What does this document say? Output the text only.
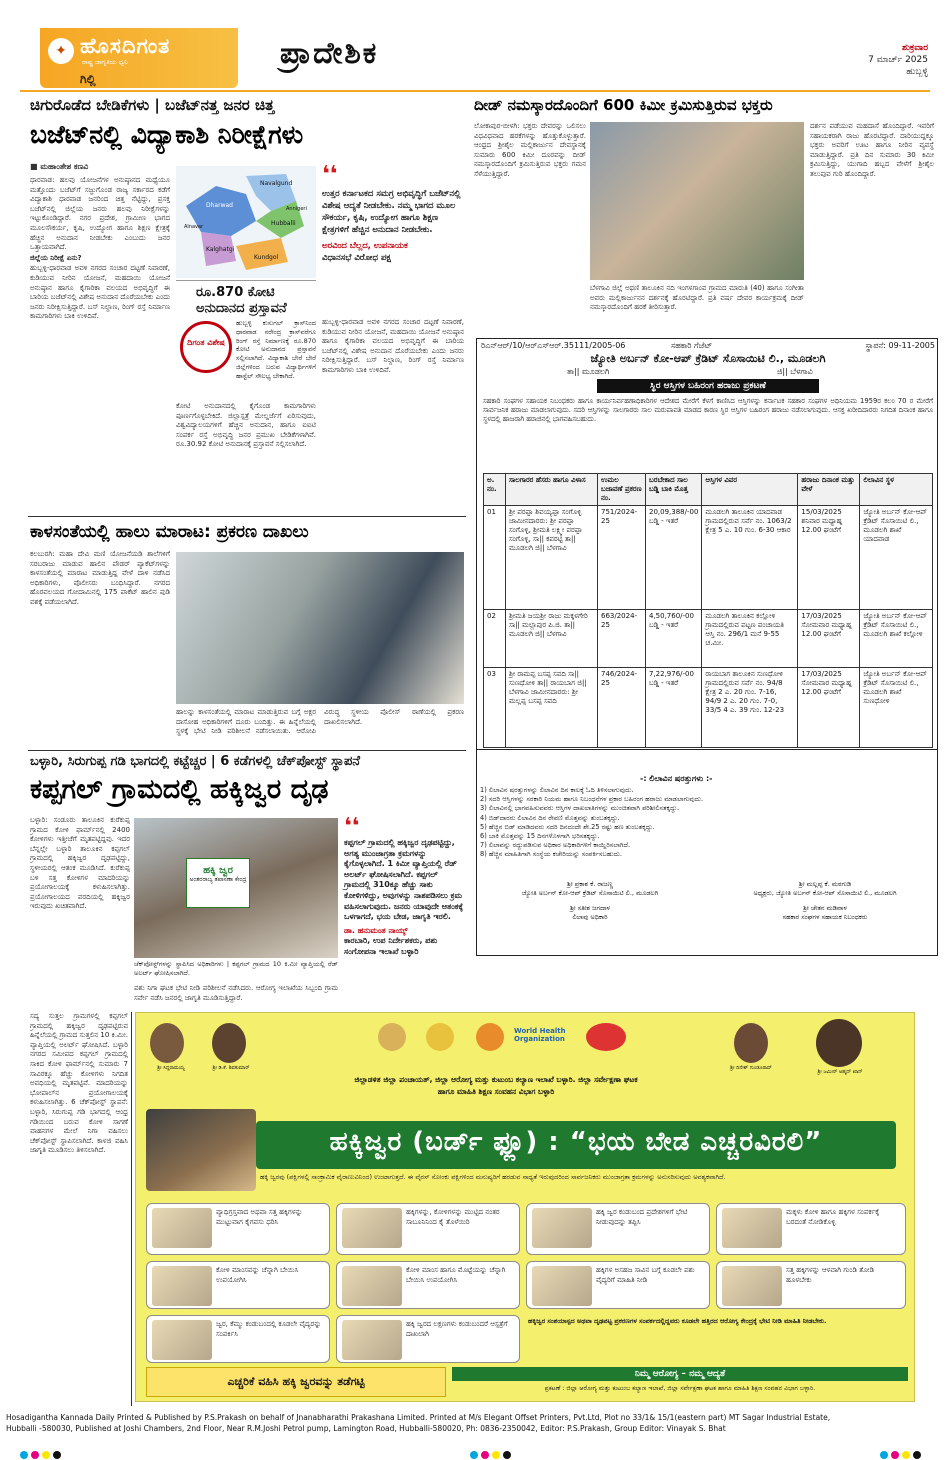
✦ ಹೊಸದಿಗಂತ
ರಾಷ್ಟ್ರ ಜಾಗೃತಿಯ ಧ್ವನಿ
ಗಿಲ್ಲಿ
ಪ್ರಾದೇಶಿಕ	ಶುಕ್ರವಾರ
7 ಮಾರ್ಚ್ 2025
ಹುಬ್ಬಳ್ಳಿ
ಚಿಗುರೊಡೆದ ಬೇಡಿಕೆಗಳು | ಬಜೆಟ್‌ನತ್ತ ಜನರ ಚಿತ್ತ
ಬಜೆಟ್‌ನಲ್ಲಿ ವಿದ್ಯಾಕಾಶಿ ನಿರೀಕ್ಷೆಗಳು
■ ಮಹಾಂತೇಶ ಕಣವಿ

ಧಾರವಾಡ: ಹಲವು ಯೋಜನೆಗಳ ಅನುಷ್ಠಾನದ ಮಧ್ಯೆಯೂ ಮತ್ತೊಂದು ಬಜೆಟ್‌ಗೆ ಸಜ್ಜುಗೊಂಡ ರಾಜ್ಯ ಸರ್ಕಾರದ ಕಡೆಗೆ ವಿದ್ಯಾಕಾಶಿ ಧಾರವಾಡ ಜನರಿಂದ ಚಿತ್ತ ನೆಟ್ಟಿದ್ದು, ಪ್ರಸಕ್ತ ಬಜೆಟ್‌ನಲ್ಲಿ ಜಿಲ್ಲೆಯ ಜನರು ಹಲವು ನಿರೀಕ್ಷೆಗಳನ್ನು ಇಟ್ಟುಕೊಂಡಿದ್ದಾರೆ. ನಗರ ಪ್ರದೇಶ, ಗ್ರಾಮೀಣ ಭಾಗದ ಮೂಲಸೌಕರ್ಯ, ಕೃಷಿ, ಉದ್ಯೋಗ ಹಾಗೂ ಶಿಕ್ಷಣ ಕ್ಷೇತ್ರಕ್ಕೆ ಹೆಚ್ಚಿನ ಅನುದಾನ ನೀಡಬೇಕು ಎಂಬುದು ಜನರ ಒತ್ತಾಯವಾಗಿದೆ.

ಜಿಲ್ಲೆಯ ನಿರೀಕ್ಷೆ ಏನು?

ಹುಬ್ಬಳ್ಳಿ-ಧಾರವಾಡ ಅವಳಿ ನಗರದ ಸಂಚಾರ ದಟ್ಟಣೆ ನಿವಾರಣೆ, ಕುಡಿಯುವ ನೀರಿನ ಯೋಜನೆ, ಮಹದಾಯಿ ಯೋಜನೆ ಅನುಷ್ಠಾನ ಹಾಗೂ ಕೈಗಾರಿಕಾ ವಲಯದ ಅಭಿವೃದ್ಧಿಗೆ ಈ ಬಾರಿಯ ಬಜೆಟ್‌ನಲ್ಲಿ ವಿಶೇಷ ಅನುದಾನ ದೊರೆಯಬೇಕು ಎಂದು ಜನರು ನಿರೀಕ್ಷಿಸುತ್ತಿದ್ದಾರೆ. ಬಸ್ ನಿಲ್ದಾಣ, ರಿಂಗ್ ರಸ್ತೆ ನಿರ್ಮಾಣ ಕಾಮಗಾರಿಗಳು ಬಾಕಿ ಉಳಿದಿವೆ.

Navalgund
Dharwad
Hubballi
Kalghatgi
Kundgol
Annigeri
Alnavar
❛❛
ಉತ್ತರ ಕರ್ನಾಟಕದ ಸಮಗ್ರ ಅಭಿವೃದ್ಧಿಗೆ ಬಜೆಟ್‌ನಲ್ಲಿ ವಿಶೇಷ ಆದ್ಯತೆ ನೀಡಬೇಕು. ನಮ್ಮ ಭಾಗದ ಮೂಲ ಸೌಕರ್ಯ, ಕೃಷಿ, ಉದ್ಯೋಗ ಹಾಗೂ ಶಿಕ್ಷಣ ಕ್ಷೇತ್ರಗಳಿಗೆ ಹೆಚ್ಚಿನ ಅನುದಾನ ನೀಡಬೇಕು.
ಅರವಿಂದ ಬೆಲ್ಲದ, ಉಪನಾಯಕ
ವಿಧಾನಸಭೆ ವಿರೋಧ ಪಕ್ಷ
ರೂ.870 ಕೋಟಿ ಅನುದಾನದ ಪ್ರಸ್ತಾವನೆ
ದಿಗಂತ ವಿಶೇಷ
ಹುಬ್ಬಳ್ಳಿ ಕುಸುಗಲ್ ಕ್ರಾಸ್‌ನಿಂದ ಧಾರವಾಡ ನರೇಂದ್ರ ಕ್ರಾಸ್‌ವರೆಗೂ ರಿಂಗ್ ರಸ್ತೆ ನಿರ್ಮಾಣಕ್ಕೆ ರೂ.870 ಕೋಟಿ ಅನುದಾನದ ಪ್ರಸ್ತಾವನೆ ಸಲ್ಲಿಸಲಾಗಿದೆ. ವಿದ್ಯಾಕಾಶಿ ಬೇರೆ ಬೇರೆ ಜಿಲ್ಲೆಗಳಿಂದ ಬರುವ ವಿದ್ಯಾರ್ಥಿಗಳಿಗೆ ಹಾಸ್ಟೆಲ್ ಸೌಲಭ್ಯ ಬೇಕಾಗಿದೆ.
ಕೋಟಿ ಅನುದಾನದಲ್ಲಿ ಕೈಗೊಂಡ ಕಾಮಗಾರಿಗಳು ಪೂರ್ಣಗೊಳ್ಳಬೇಕಿದೆ. ಜಿಲ್ಲಾಸ್ಪತ್ರೆ ಮೇಲ್ದರ್ಜೆಗೆ ಏರಿಸುವುದು, ವಿಶ್ವವಿದ್ಯಾಲಯಗಳಿಗೆ ಹೆಚ್ಚಿನ ಅನುದಾನ, ಹಾಗೂ ಐಐಟಿ ಸಂಪರ್ಕ ರಸ್ತೆ ಅಭಿವೃದ್ಧಿ ಜನರ ಪ್ರಮುಖ ಬೇಡಿಕೆಗಳಾಗಿವೆ. ರೂ.30.92 ಕೋಟಿ ಅನುದಾನಕ್ಕೆ ಪ್ರಸ್ತಾವನೆ ಸಲ್ಲಿಸಲಾಗಿದೆ.
ಹುಬ್ಬಳ್ಳಿ-ಧಾರವಾಡ ಅವಳಿ ನಗರದ ಸಂಚಾರ ದಟ್ಟಣೆ ನಿವಾರಣೆ, ಕುಡಿಯುವ ನೀರಿನ ಯೋಜನೆ, ಮಹದಾಯಿ ಯೋಜನೆ ಅನುಷ್ಠಾನ ಹಾಗೂ ಕೈಗಾರಿಕಾ ವಲಯದ ಅಭಿವೃದ್ಧಿಗೆ ಈ ಬಾರಿಯ ಬಜೆಟ್‌ನಲ್ಲಿ ವಿಶೇಷ ಅನುದಾನ ದೊರೆಯಬೇಕು ಎಂದು ಜನರು ನಿರೀಕ್ಷಿಸುತ್ತಿದ್ದಾರೆ. ಬಸ್ ನಿಲ್ದಾಣ, ರಿಂಗ್ ರಸ್ತೆ ನಿರ್ಮಾಣ ಕಾಮಗಾರಿಗಳು ಬಾಕಿ ಉಳಿದಿವೆ.
ದೀಡ್ ನಮಸ್ಕಾರದೊಂದಿಗೆ 600 ಕಿಮೀ ಕ್ರಮಿಸುತ್ತಿರುವ ಭಕ್ತರು
ಲೋಕಾಪುರ-ಬೀಳಗಿ: ಭಕ್ತರು ದೇವರನ್ನು ಒಲಿಸಲು ವಿಧವಿಧವಾದ ಹರಕೆಗಳನ್ನು ಹೊತ್ತುಕೊಳ್ಳುತ್ತಾರೆ. ಆಂಧ್ರದ ಶ್ರೀಶೈಲ ಮಲ್ಲಿಕಾರ್ಜುನ ದೇವಸ್ಥಾನಕ್ಕೆ ಸುಮಾರು 600 ಕಿಮೀ ದೂರವನ್ನು ದೀಡ್ ನಮಸ್ಕಾರದೊಂದಿಗೆ ಕ್ರಮಿಸುತ್ತಿರುವ ಭಕ್ತರು ಗಮನ ಸೆಳೆಯುತ್ತಿದ್ದಾರೆ.
ಬೆಳಗಾವಿ ಜಿಲ್ಲೆ ಅಥಣಿ ತಾಲೂಕಿನ ನದಿ ಇಂಗಳಗಾಂವ ಗ್ರಾಮದ ಮಾರುತಿ (40) ಹಾಗೂ ಸಂಗೀತಾ ಅವರು ಮಲ್ಲಿಕಾರ್ಜುನನ ದರ್ಶನಕ್ಕೆ ಹೊರಟಿದ್ದಾರೆ. ಪ್ರತಿ ವರ್ಷ ದೇವರ ಕಾರ್ಯಕ್ರಮಕ್ಕೆ ದೀಡ್ ನಮಸ್ಕಾರದೊಂದಿಗೆ ಹರಕೆ ತೀರಿಸುತ್ತಾರೆ.
ದರ್ಶನ ಪಡೆಯುವ ಮಹದಾಸೆ ಹೊಂದಿದ್ದಾರೆ. ಇವರಿಗೆ ಸಹಾಯಕರಾಗಿ ರಾಜು ಹೊರಟಿದ್ದಾರೆ. ದಾರಿಯುದ್ದಕ್ಕೂ ಭಕ್ತರು ಅವರಿಗೆ ಊಟ ಹಾಗೂ ನೀರಿನ ವ್ಯವಸ್ಥೆ ಮಾಡುತ್ತಿದ್ದಾರೆ. ಪ್ರತಿ ದಿನ ಸುಮಾರು 30 ಕಿಮೀ ಕ್ರಮಿಸುತ್ತಿದ್ದು, ಯುಗಾದಿ ಹಬ್ಬದ ವೇಳೆಗೆ ಶ್ರೀಶೈಲ ತಲುಪುವ ಗುರಿ ಹೊಂದಿದ್ದಾರೆ.
ರಿಎನ್‌ಆರ್/10/ಆರ್‌ಎಸ್‌ಆರ್.35111/2005-06	ಸಹಕಾರಿ ಗೆಜೆಟ್	ಸ್ಥಾಪನೆ: 09-11-2005
ಜ್ಯೋತಿ ಅರ್ಬನ್ ಕೋ-ಆಪ್ ಕ್ರೆಡಿಟ್ ಸೊಸಾಯಿಟಿ ಲಿ., ಮೂಡಲಗಿ
ತಾ|| ಮೂಡಲಗಿ	ಜಿ|| ಬೆಳಗಾವಿ
ಸ್ಥಿರ ಆಸ್ತಿಗಳ ಬಹಿರಂಗ ಹರಾಜು ಪ್ರಕಟಣೆ
ಸಹಕಾರಿ ಸಂಘಗಳ ಸಹಾಯಕ ನಿಬಂಧಕರು ಹಾಗೂ ಕಾರ್ಯನಿರ್ವಹಣಾಧಿಕಾರಿಗಳ ಆದೇಶದ ಮೇರೆಗೆ ಕೆಳಗೆ ಕಾಣಿಸಿದ ಆಸ್ತಿಗಳನ್ನು ಕರ್ನಾಟಕ ಸಹಕಾರ ಸಂಘಗಳ ಅಧಿನಿಯಮ 1959ರ ಕಲಂ 70 ರ ಮೇರೆಗೆ ಸಾರ್ವಜನಿಕ ಹರಾಜು ಮಾಡಲಾಗುವುದು. ಸದರಿ ಆಸ್ತಿಗಳನ್ನು ಸಾಲಗಾರರು ಸಾಲ ಮರುಪಾವತಿ ಮಾಡದ ಕಾರಣ ಸ್ಥಿರ ಆಸ್ತಿಗಳ ಬಹಿರಂಗ ಹರಾಜು ನಡೆಸಲಾಗುವುದು. ಆಸಕ್ತ ಖರೀದಿದಾರರು ನಿಗದಿತ ದಿನಾಂಕ ಹಾಗೂ ಸ್ಥಳದಲ್ಲಿ ಹಾಜರಾಗಿ ಹರಾಜಿನಲ್ಲಿ ಭಾಗವಹಿಸಬಹುದು.
ಅ. ನಂ.	ಸಾಲಗಾರರ ಹೆಸರು ಹಾಗೂ ವಿಳಾಸ	ಉಮಲ ಬಜಾವಣೆ ಪ್ರಕರಣ ನಂ.	ಬರಬೇಕಾದ ಸಾಲ ಬಡ್ಡಿ ಬಾಕಿ ಮೊತ್ತ	ಆಸ್ತಿಗಳ ವಿವರ	ಹರಾಜು ದಿನಾಂಕ ಮತ್ತು ವೇಳೆ	ಲಿಲಾವಿನ ಸ್ಥಳ
01	ಶ್ರೀ ಪರಪ್ಪಾ ಶಿವಯ್ಯಪ್ಪಾ ಸಂಗೊಳ್ಳಿ ಜಾಮೀನದಾರರು: ಶ್ರೀ ಪರಪ್ಪಾ ಸಂಗೊಳ್ಳಿ, ಶ್ರೀಮತಿ ಲಕ್ಷ್ಮೀ ಪರಪ್ಪಾ ಸಂಗೊಳ್ಳಿ, ಸಾ|| ಕಪರಟ್ಟಿ ತಾ|| ಮೂಡಲಗಿ ಜಿ|| ಬೆಳಗಾವಿ	751/2024-25	20,09,388/-00 ಬಡ್ಡಿ - ಇತರೆ	ಮೂಡಲಗಿ ತಾಲೂಕಿನ ಯಾದವಾಡ ಗ್ರಾಮದಲ್ಲಿರುವ ಸರ್ವೆ ನಂ. 1063/2 ಕ್ಷೇತ್ರ 5 ಎ. 10 ಗುಂ. 6-30 ಆಕಾರ	15/03/2025 ಶನಿವಾರ ಮಧ್ಯಾಹ್ನ 12.00 ಘಂಟೆಗೆ	ಜ್ಯೋತಿ ಅರ್ಬನ್ ಕೋ-ಆಪ್ ಕ್ರೆಡಿಟ್ ಸೊಸಾಯಿಟಿ ಲಿ., ಮೂಡಲಗಿ ಶಾಖೆ ಯಾದವಾಡ
02	ಶ್ರೀಮತಿ ಜಯಶ್ರೀ ರಾಜು ಮಕ್ಕಳಗೇರಿ ಸಾ|| ಮಲ್ಲಾಪುರ ಪಿ.ಜಿ. ತಾ|| ಮೂಡಲಗಿ ಜಿ|| ಬೆಳಗಾವಿ	663/2024-25	4,50,760/-00 ಬಡ್ಡಿ - ಇತರೆ	ಮೂಡಲಗಿ ತಾಲೂಕಿನ ಕಲ್ಲೋಳಿ ಗ್ರಾಮದಲ್ಲಿರುವ ಪಟ್ಟಣ ಪಂಚಾಯತಿ ಆಸ್ತಿ ನಂ. 296/1 ಮನೆ 9-55 ಚ.ಮೀ.	17/03/2025 ಸೋಮವಾರ ಮಧ್ಯಾಹ್ನ 12.00 ಘಂಟೆಗೆ	ಜ್ಯೋತಿ ಅರ್ಬನ್ ಕೋ-ಆಪ್ ಕ್ರೆಡಿಟ್ ಸೊಸಾಯಿಟಿ ಲಿ., ಮೂಡಲಗಿ ಶಾಖೆ ಕಲ್ಲೋಳಿ
03	ಶ್ರೀ ರಾಮಪ್ಪ ಬಸಪ್ಪ ಸವದಿ ಸಾ|| ಸುಣಧೋಳಿ ತಾ|| ರಾಯಬಾಗ ಜಿ|| ಬೆಳಗಾವಿ ಜಾಮೀನದಾರರು: ಶ್ರೀ ಮಲ್ಲಪ್ಪ ಬಸಪ್ಪ ಸವದಿ	746/2024-25	7,22,976/-00 ಬಡ್ಡಿ - ಇತರೆ	ರಾಯಬಾಗ ತಾಲೂಕಿನ ಸುಣಧೋಳಿ ಗ್ರಾಮದಲ್ಲಿರುವ ಸರ್ವೆ ನಂ. 94/8 ಕ್ಷೇತ್ರ 2 ಎ. 20 ಗುಂ. 7-16, 94/9 2 ಎ. 20 ಗುಂ. 7-0, 33/5 4 ಎ. 39 ಗುಂ. 12-23	17/03/2025 ಸೋಮವಾರ ಮಧ್ಯಾಹ್ನ 12.00 ಘಂಟೆಗೆ	ಜ್ಯೋತಿ ಅರ್ಬನ್ ಕೋ-ಆಪ್ ಕ್ರೆಡಿಟ್ ಸೊಸಾಯಿಟಿ ಲಿ., ಮೂಡಲಗಿ ಶಾಖೆ ಸುಣಧೋಳಿ
-: ಲಿಲಾವಿನ ಷರತ್ತುಗಳು :-
1) ಲಿಲಾವಿನ ಷರತ್ತುಗಳನ್ನು ಲಿಲಾವಿನ ದಿನ ಕಾಲಕ್ಕೆ ಓದಿ ತಿಳಿಸಲಾಗುವುದು.
2) ಸದರಿ ಆಸ್ತಿಗಳನ್ನು ಸರಕಾರಿ ನಿಯಮ ಹಾಗೂ ನಿಬಂಧನೆಗಳ ಪ್ರಕಾರ ಬಹಿರಂಗ ಹರಾಜು ಮಾಡಲಾಗುವುದು.
3) ಲಿಲಾವಿನಲ್ಲಿ ಭಾಗವಹಿಸುವವರು ಆಸ್ತಿಗಳ ದಾಖಲಾತಿಗಳನ್ನು ಮುಂಚಿತವಾಗಿ ಪರಿಶೀಲಿಸತಕ್ಕದ್ದು.
4) ಬಿಡ್‌ದಾರರು ಲಿಲಾವಿನ ದಿನ ಠೇವಣಿ ಮೊತ್ತವನ್ನು ತುಂಬತಕ್ಕದ್ದು.
5) ಹೆಚ್ಚಿನ ಬಿಡ್ ಮಾಡಿದವರು ಸದರಿ ದಿನದಂದೇ ಶೇ.25 ರಷ್ಟು ಹಣ ತುಂಬತಕ್ಕದ್ದು.
6) ಬಾಕಿ ಮೊತ್ತವನ್ನು 15 ದಿನಗಳೊಳಗಾಗಿ ಭರಿಸತಕ್ಕದ್ದು.
7) ಲಿಲಾವನ್ನು ರದ್ದುಪಡಿಸುವ ಅಧಿಕಾರ ಅಧಿಕಾರಿಗಳಿಗೆ ಕಾಯ್ದಿರಿಸಲಾಗಿದೆ.
8) ಹೆಚ್ಚಿನ ಮಾಹಿತಿಗಾಗಿ ಸಂಸ್ಥೆಯ ಕಚೇರಿಯನ್ನು ಸಂಪರ್ಕಿಸಬಹುದು.
ಶ್ರೀ ಪ್ರಕಾಶ ಕೆ. ರಾಜಣ್ಣ
ಜ್ಯೋತಿ ಅರ್ಬನ್ ಕೋ-ಆಪ್ ಕ್ರೆಡಿಟ್ ಸೊಸಾಯಿಟಿ ಲಿ., ಮೂಡಲಗಿ
ಶ್ರೀ ಸತೀಶ ಜಗದಾಳ
ಲಿಲಾವು ಅಧಿಕಾರಿ
ಶ್ರೀ ಮಲ್ಲಪ್ಪ ಕೆ. ಮಠಗುಡಿ
ಅಧ್ಯಕ್ಷರು, ಜ್ಯೋತಿ ಅರ್ಬನ್ ಕೋ-ಆಪ್ ಸೊಸಾಯಿಟಿ ಲಿ., ಮೂಡಲಗಿ
ಶ್ರೀ ಚೇತನ ಮಡಿವಾಳ
ಸಹಕಾರ ಸಂಘಗಳ ಸಹಾಯಕ ನಿಬಂಧಕರು
ಕಾಳಸಂತೆಯಲ್ಲಿ ಹಾಲು ಮಾರಾಟ: ಪ್ರಕರಣ ದಾಖಲು
ಕಲಬುರಗಿ: ಮಹಾ ದೇವಿ ಮಣಿ ಯೋಜನೆಯಡಿ ಶಾಲೆಗಳಿಗೆ ಸರಬರಾಜು ಮಾಡುವ ಹಾಲಿನ ಪೌಡರ್ ಪ್ಯಾಕೆಟ್‌ಗಳನ್ನು ಕಾಳಸಂತೆಯಲ್ಲಿ ಮಾರಾಟ ಮಾಡುತ್ತಿದ್ದ ವೇಳೆ ದಾಳಿ ನಡೆಸಿದ ಅಧಿಕಾರಿಗಳು, ಪೊಲೀಸರು ಬಂಧಿಸಿದ್ದಾರೆ. ನಗರದ ಹೊರವಲಯದ ಗೋದಾಮಿನಲ್ಲಿ 175 ಪಾಕೆಟ್ ಹಾಲಿನ ಪುಡಿ ವಶಕ್ಕೆ ಪಡೆಯಲಾಗಿದೆ.
ಹಾಲನ್ನು ಕಾಳಸಂತೆಯಲ್ಲಿ ಮಾರಾಟ ಮಾಡುತ್ತಿರುವ ಬಗ್ಗೆ ಅಕ್ಷರ ದಾಸೋಹ ಅಧಿಕಾರಿಗಳಿಗೆ ದೂರು ಬಂದಿತ್ತು. ಈ ಹಿನ್ನೆಲೆಯಲ್ಲಿ ಸ್ಥಳಕ್ಕೆ ಭೇಟಿ ನೀಡಿ ಪರಿಶೀಲನೆ ನಡೆಸಲಾಯಿತು. ಆರೋಪಿ ವಿರುದ್ಧ ಸ್ಥಳೀಯ ಪೊಲೀಸ್ ಠಾಣೆಯಲ್ಲಿ ಪ್ರಕರಣ ದಾಖಲಿಸಲಾಗಿದೆ.
ಬಳ್ಳಾರಿ, ಸಿರುಗುಪ್ಪ ಗಡಿ ಭಾಗದಲ್ಲಿ ಕಟ್ಟೆಚ್ಚರ | 6 ಕಡೆಗಳಲ್ಲಿ ಚೆಕ್‌ಪೋಸ್ಟ್ ಸ್ಥಾಪನೆ
ಕಪ್ಪಗಲ್ ಗ್ರಾಮದಲ್ಲಿ ಹಕ್ಕಿಜ್ವರ ದೃಢ
ಬಳ್ಳಾರಿ: ಸಂಡೂರು ತಾಲೂಕಿನ ಕುರೆಕುಪ್ಪ ಗ್ರಾಮದ ಕೋಳಿ ಫಾರ್ಮ್‌ನಲ್ಲಿ 2400 ಕೋಳಿಗಳು ಇತ್ತೀಚೆಗೆ ಮೃತಪಟ್ಟಿದ್ದವು. ಇದರ ಬೆನ್ನಲ್ಲೇ ಬಳ್ಳಾರಿ ತಾಲೂಕಿನ ಕಪ್ಪಗಲ್ ಗ್ರಾಮದಲ್ಲಿ ಹಕ್ಕಿಜ್ವರ ದೃಢಪಟ್ಟಿದ್ದು, ಸ್ಥಳೀಯರಲ್ಲಿ ಆತಂಕ ಮೂಡಿಸಿದೆ. ಕುರೆಕುಪ್ಪ ಬಳಿ ಸತ್ತ ಕೋಳಿಗಳ ಮಾದರಿಯನ್ನು ಪ್ರಯೋಗಾಲಯಕ್ಕೆ ಕಳುಹಿಸಲಾಗಿತ್ತು. ಪ್ರಯೋಗಾಲಯದ ವರದಿಯಲ್ಲಿ ಹಕ್ಕಿಜ್ವರ ಇರುವುದು ಖಚಿತವಾಗಿದೆ.
ಹಕ್ಕಿ ಜ್ವರ
ಅಂತರರಾಜ್ಯ ತಪಾಸಣಾ ಕೇಂದ್ರ
ಚೆಕ್‌ಪೋಸ್ಟ್‌ಗಳನ್ನು ಸ್ಥಾಪಿಸಿದ ಅಧಿಕಾರಿಗಳು | ಕಪ್ಪಗಲ್ ಗ್ರಾಮದ 10 ಕಿ.ಮೀ ವ್ಯಾಪ್ತಿಯಲ್ಲಿ ರೆಡ್ ಅಲರ್ಟ್ ಘೋಷಿಸಲಾಗಿದೆ.
ಪಶು ನಿಗಾ ಘಟಕ ಭೇಟಿ ನೀಡಿ ಪರಿಶೀಲನೆ ನಡೆಸಿದರು. ಆರೋಗ್ಯ ಇಲಾಖೆಯ ಸಿಬ್ಬಂದಿ ಗ್ರಾಮ ಸರ್ವೇ ನಡೆಸಿ ಜನರಲ್ಲಿ ಜಾಗೃತಿ ಮೂಡಿಸುತ್ತಿದ್ದಾರೆ.
❛❛
ಕಪ್ಪಗಲ್ ಗ್ರಾಮದಲ್ಲಿ ಹಕ್ಕಿಜ್ವರ ದೃಢಪಟ್ಟಿದ್ದು, ಅಗತ್ಯ ಮುಂಜಾಗ್ರತಾ ಕ್ರಮಗಳನ್ನು ಕೈಗೊಳ್ಳಲಾಗಿದೆ. 1 ಕಿಮೀ ವ್ಯಾಪ್ತಿಯಲ್ಲಿ ರೆಡ್ ಅಲರ್ಟ್ ಘೋಷಿಸಲಾಗಿದೆ. ಕಪ್ಪಗಲ್ ಗ್ರಾಮದಲ್ಲಿ 310ಕ್ಕೂ ಹೆಚ್ಚು ಸಾಕು ಕೋಳಿಗಳಿದ್ದು, ಅವುಗಳನ್ನು ನಾಶಪಡಿಸಲು ಕ್ರಮ ವಹಿಸಲಾಗುವುದು. ಜನರು ಯಾವುದೇ ಆತಂಕಕ್ಕೆ ಒಳಗಾಗದೆ, ಭಯ ಬೇಡ, ಜಾಗೃತಿ ಇರಲಿ.
ಡಾ. ಹನುಮಂತ ನಾಯ್ಕ್
ಕಾರಬಾರಿ, ಉಪ ನಿರ್ದೇಶಕರು, ಪಶು ಸಂಗೋಪನಾ ಇಲಾಖೆ ಬಳ್ಳಾರಿ
ಸದ್ಯ ಸುತ್ತಲ ಗ್ರಾಮಗಳಲ್ಲಿ ಕಪ್ಪಗಲ್ ಗ್ರಾಮದಲ್ಲಿ ಹಕ್ಕಿಜ್ವರ ದೃಢಪಟ್ಟಿರುವ ಹಿನ್ನೆಲೆಯಲ್ಲಿ ಗ್ರಾಮದ ಸುತ್ತಲಿನ 10 ಕಿ.ಮೀ. ವ್ಯಾಪ್ತಿಯಲ್ಲಿ ಅಲರ್ಟ್ ಘೋಷಿಸಿದೆ. ಬಳ್ಳಾರಿ ನಗರದ ಸಮೀಪದ ಕಪ್ಪಗಲ್ ಗ್ರಾಮದಲ್ಲಿ ಸಾಕಿದ ಕೋಳಿ ಫಾರ್ಮ್‌ನಲ್ಲಿ ಸುಮಾರು 7 ಸಾವಿರಕ್ಕೂ ಹೆಚ್ಚು ಕೋಳಿಗಳು ನಿಗದಿತ ಅವಧಿಯಲ್ಲಿ ಮೃತಪಟ್ಟಿವೆ. ಮಾದರಿಯನ್ನು ಭೋಪಾಲ್‌ನ ಪ್ರಯೋಗಾಲಯಕ್ಕೆ ಕಳುಹಿಸಲಾಗಿತ್ತು. 6 ಚೆಕ್‌ಪೋಸ್ಟ್ ಸ್ಥಾಪನೆ: ಬಳ್ಳಾರಿ, ಸಿರುಗುಪ್ಪ ಗಡಿ ಭಾಗದಲ್ಲಿ ಆಂಧ್ರ ಗಡಿಯಿಂದ ಬರುವ ಕೋಳಿ ಸಾಗಣೆ ವಾಹನಗಳ ಮೇಲೆ ನಿಗಾ ವಹಿಸಲು ಚೆಕ್‌ಪೋಸ್ಟ್ ಸ್ಥಾಪಿಸಲಾಗಿದೆ. ಕಾಳಜಿ ವಹಿಸಿ ಜಾಗೃತಿ ಮೂಡಿಸಲು ತಿಳಿಸಲಾಗಿದೆ.
ಶ್ರೀ ಸಿದ್ದರಾಮಯ್ಯ	ಶ್ರೀ ಡಿ.ಕೆ. ಶಿವಕುಮಾರ್
World Health Organization
ಶ್ರೀ ದಿನೇಶ್ ಗುಂಡೂರಾವ್
ಶ್ರೀ ಜಮೀರ್ ಅಹ್ಮದ್ ಖಾನ್
ಜಿಲ್ಲಾಡಳಿತ ಜಿಲ್ಲಾ ಪಂಚಾಯತ್, ಜಿಲ್ಲಾ ಆರೋಗ್ಯ ಮತ್ತು ಕುಟುಂಬ ಕಲ್ಯಾಣ ಇಲಾಖೆ ಬಳ್ಳಾರಿ. ಜಿಲ್ಲಾ ಸರ್ವೇಕ್ಷಣಾ ಘಟಕ
ಹಾಗೂ ಮಾಹಿತಿ ಶಿಕ್ಷಣ ಸಂವಹನ ವಿಭಾಗ ಬಳ್ಳಾರಿ
ಹಕ್ಕಿಜ್ವರ (ಬರ್ಡ್ ಫ್ಲೂ) : “ಭಯ ಬೇಡ ಎಚ್ಚರವಿರಲಿ”
ಹಕ್ಕಿ ಜ್ವರವು (ಪಕ್ಷಿಗಳಲ್ಲಿ ಸಾಂಕ್ರಾಮಿಕ ವೈರಾಣುವಿನಿಂದ) ಉಂಟಾಗುತ್ತದೆ. ಈ ವೈರಸ್ ಸೋಂಕು ಪಕ್ಷಿಗಳಿಂದ ಮನುಷ್ಯರಿಗೆ ಹರಡುವ ಸಾಧ್ಯತೆ ಇರುವುದರಿಂದ ಸಾರ್ವಜನಿಕರು ಮುಂಜಾಗ್ರತಾ ಕ್ರಮಗಳನ್ನು ಅನುಸರಿಸುವುದು ಅವಶ್ಯಕವಾಗಿದೆ.
ವ್ಯಾಧಿಗ್ರಸ್ತವಾದ ಅಥವಾ ಸತ್ತ ಹಕ್ಕಿಗಳನ್ನು ಮುಟ್ಟುವಾಗ ಕೈಗವಸು ಧರಿಸಿ
ಹಕ್ಕಿಗಳನ್ನು, ಕೋಳಿಗಳನ್ನು ಮುಟ್ಟಿದ ನಂತರ ಸಾಬೂನಿನಿಂದ ಕೈ ತೊಳೆಯಿರಿ
ಹಕ್ಕಿ ಜ್ವರ ಕಂಡುಬಂದ ಪ್ರದೇಶಗಳಿಗೆ ಭೇಟಿ ನೀಡುವುದನ್ನು ತಪ್ಪಿಸಿ
ಮಕ್ಕಳು ಕೋಳಿ ಹಾಗೂ ಹಕ್ಕಿಗಳ ಸಂಪರ್ಕಕ್ಕೆ ಬರದಂತೆ ನೋಡಿಕೊಳ್ಳಿ
ಕೋಳಿ ಮಾಂಸವನ್ನು ಚೆನ್ನಾಗಿ ಬೇಯಿಸಿ ಉಪಯೋಗಿಸಿ
ಕೋಳಿ ಮಾಂಸ ಹಾಗೂ ಮೊಟ್ಟೆಯನ್ನು ಚೆನ್ನಾಗಿ ಬೇಯಿಸಿ ಉಪಯೋಗಿಸಿ
ಹಕ್ಕಿಗಳ ಅಸಹಜ ಸಾವಿನ ಬಗ್ಗೆ ಕೂಡಲೇ ಪಶು ವೈದ್ಯರಿಗೆ ಮಾಹಿತಿ ನೀಡಿ
ಸತ್ತ ಹಕ್ಕಿಗಳನ್ನು ಆಳವಾಗಿ ಗುಂಡಿ ತೋಡಿ ಹೂಳಬೇಕು
ಜ್ವರ, ಕೆಮ್ಮು ಕಂಡುಬಂದಲ್ಲಿ ಕೂಡಲೇ ವೈದ್ಯರನ್ನು ಸಂಪರ್ಕಿಸಿ
ಹಕ್ಕಿ ಜ್ವರದ ಲಕ್ಷಣಗಳು ಕಂಡುಬಂದರೆ ಆಸ್ಪತ್ರೆಗೆ ದಾಖಲಾಗಿ
ಹಕ್ಕಿಜ್ವರ ಸಂಶಯಾಸ್ಪದ ಅಥವಾ ದೃಢಪಟ್ಟ ಪ್ರಕರಣಗಳ ಸಂಪರ್ಕದಲ್ಲಿದ್ದವರು ಕೂಡಲೇ ಹತ್ತಿರದ ಆರೋಗ್ಯ ಕೇಂದ್ರಕ್ಕೆ ಭೇಟಿ ನೀಡಿ ಮಾಹಿತಿ ನೀಡಬೇಕು.
ಎಚ್ಚರಿಕೆ ವಹಿಸಿ ಹಕ್ಕಿ ಜ್ವರವನ್ನು ತಡೆಗಟ್ಟಿ
ನಿಮ್ಮ ಆರೋಗ್ಯ – ನಮ್ಮ ಆದ್ಯತೆ
ಪ್ರಕಟಣೆ : ಜಿಲ್ಲಾ ಆರೋಗ್ಯ ಮತ್ತು ಕುಟುಂಬ ಕಲ್ಯಾಣ ಇಲಾಖೆ, ಜಿಲ್ಲಾ ಸರ್ವೇಕ್ಷಣಾ ಘಟಕ ಹಾಗೂ ಮಾಹಿತಿ ಶಿಕ್ಷಣ ಸಂವಹನ ವಿಭಾಗ ಬಳ್ಳಾರಿ.
Hosadigantha Kannada Daily Printed & Published by P.S.Prakash on behalf of Jnanabharathi Prakashana Limited. Printed at M/s Elegant Offset Printers, Pvt.Ltd, Plot no 33/1& 15/1(eastern part) MT Sagar Industrial Estate,
Hubballi -580030, Published at Joshi Chambers, 2nd Floor, Near R.M.Joshi Petrol pump, Lamington Road, Hubballi-580020, Ph: 0836-2350042, Editor: P.S.Prakash, Group Editor: Vinayak S. Bhat
